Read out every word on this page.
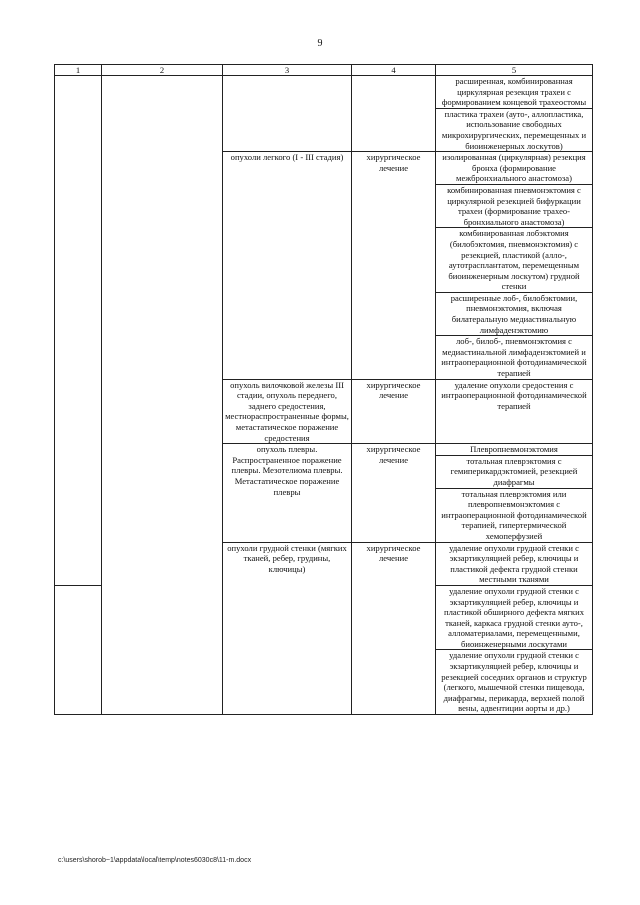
9
1	2	3	4	5
				расширенная, комбинированная циркулярная резекция трахеи с формированием концевой трахеостомы
				пластика трахеи (ауто-, аллопластика, использование свободных микрохирургических, перемещенных и биоинженерных лоскутов)
		опухоли легкого (I - III стадия)	хирургическое лечение	изолированная (циркулярная) резекция бронха (формирование межбронхиального анастомоза)
				комбинированная пневмонэктомия с циркулярной резекцией бифуркации трахеи (формирование трахео-бронхиального анастомоза)
				комбинированная лобэктомия (билобэктомия, пневмонэктомия) с резекцией, пластикой (алло-, аутотрасплантатом, перемещенным биоинженерным лоскутом) грудной стенки
				расширенные лоб-, билобэктомии, пневмонэктомия, включая билатеральную медиастинальную лимфаденэктомию
				лоб-, билоб-, пневмонэктомия с медиастинальной лимфаденэктомией и интраоперационной фотодинамической терапией
		опухоль вилочковой железы III стадии, опухоль переднего, заднего средостения, местнораспространенные формы, метастатическое поражение средостения	хирургическое лечение	удаление опухоли средостения с интраоперационной фотодинамической терапией
		опухоль плевры. Распространенное поражение плевры. Мезотелиома плевры. Метастатическое поражение плевры	хирургическое лечение	Плевропневмонэктомия
				тотальная плеврэктомия с гемиперикардэктомией, резекцией диафрагмы
				тотальная плеврэктомия или плевропневмонэктомия с интраоперационной фотодинамической терапией, гипертермической хемоперфузией
		опухоли грудной стенки (мягких тканей, ребер, грудины, ключицы)	хирургическое лечение	удаление опухоли грудной стенки с экзартикуляцией ребер, ключицы и пластикой дефекта грудной стенки местными тканями
				удаление опухоли грудной стенки с экзартикуляцией ребер, ключицы и пластикой обширного дефекта мягких тканей, каркаса грудной стенки ауто-, алломатериалами, перемещенными, биоинженерными лоскутами
				удаление опухоли грудной стенки с экзартикуляцией ребер, ключицы и резекцией соседних органов и структур (легкого, мышечной стенки пищевода, диафрагмы, перикарда, верхней полой вены, адвентиции аорты и др.)
c:\users\shorob~1\appdata\local\temp\notes6030c8\11-m.docx
